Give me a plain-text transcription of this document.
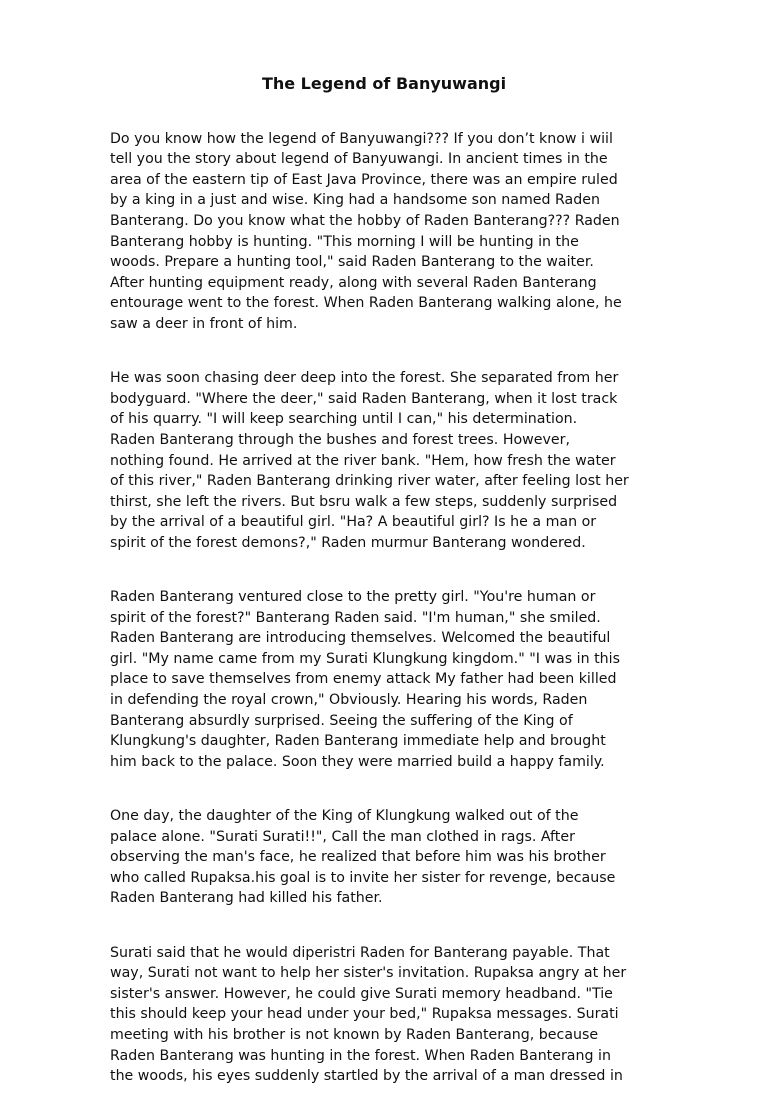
The Legend of Banyuwangi

Do you know how the legend of Banyuwangi??? If you don’t know i wiil
tell you the story about legend of Banyuwangi. In ancient times in the
area of the eastern tip of East Java Province, there was an empire ruled
by a king in a just and wise. King had a handsome son named Raden
Banterang. Do you know what the hobby of Raden Banterang??? Raden
Banterang hobby is hunting. "This morning I will be hunting in the
woods. Prepare a hunting tool," said Raden Banterang to the waiter.
After hunting equipment ready, along with several Raden Banterang
entourage went to the forest. When Raden Banterang walking alone, he
saw a deer in front of him.

He was soon chasing deer deep into the forest. She separated from her
bodyguard. "Where the deer," said Raden Banterang, when it lost track
of his quarry. "I will keep searching until I can," his determination.
Raden Banterang through the bushes and forest trees. However,
nothing found. He arrived at the river bank. "Hem, how fresh the water
of this river," Raden Banterang drinking river water, after feeling lost her
thirst, she left the rivers. But bsru walk a few steps, suddenly surprised
by the arrival of a beautiful girl. "Ha? A beautiful girl? Is he a man or
spirit of the forest demons?," Raden murmur Banterang wondered.

Raden Banterang ventured close to the pretty girl. "You're human or
spirit of the forest?" Banterang Raden said. "I'm human," she smiled.
Raden Banterang are introducing themselves. Welcomed the beautiful
girl. "My name came from my Surati Klungkung kingdom." "I was in this
place to save themselves from enemy attack My father had been killed
in defending the royal crown," Obviously. Hearing his words, Raden
Banterang absurdly surprised. Seeing the suffering of the King of
Klungkung's daughter, Raden Banterang immediate help and brought
him back to the palace. Soon they were married build a happy family.

One day, the daughter of the King of Klungkung walked out of the
palace alone. "Surati Surati!!", Call the man clothed in rags. After
observing the man's face, he realized that before him was his brother
who called Rupaksa.his goal is to invite her sister for revenge, because
Raden Banterang had killed his father.

Surati said that he would diperistri Raden for Banterang payable. That
way, Surati not want to help her sister's invitation. Rupaksa angry at her
sister's answer. However, he could give Surati memory headband. "Tie
this should keep your head under your bed," Rupaksa messages. Surati
meeting with his brother is not known by Raden Banterang, because
Raden Banterang was hunting in the forest. When Raden Banterang in
the woods, his eyes suddenly startled by the arrival of a man dressed in
